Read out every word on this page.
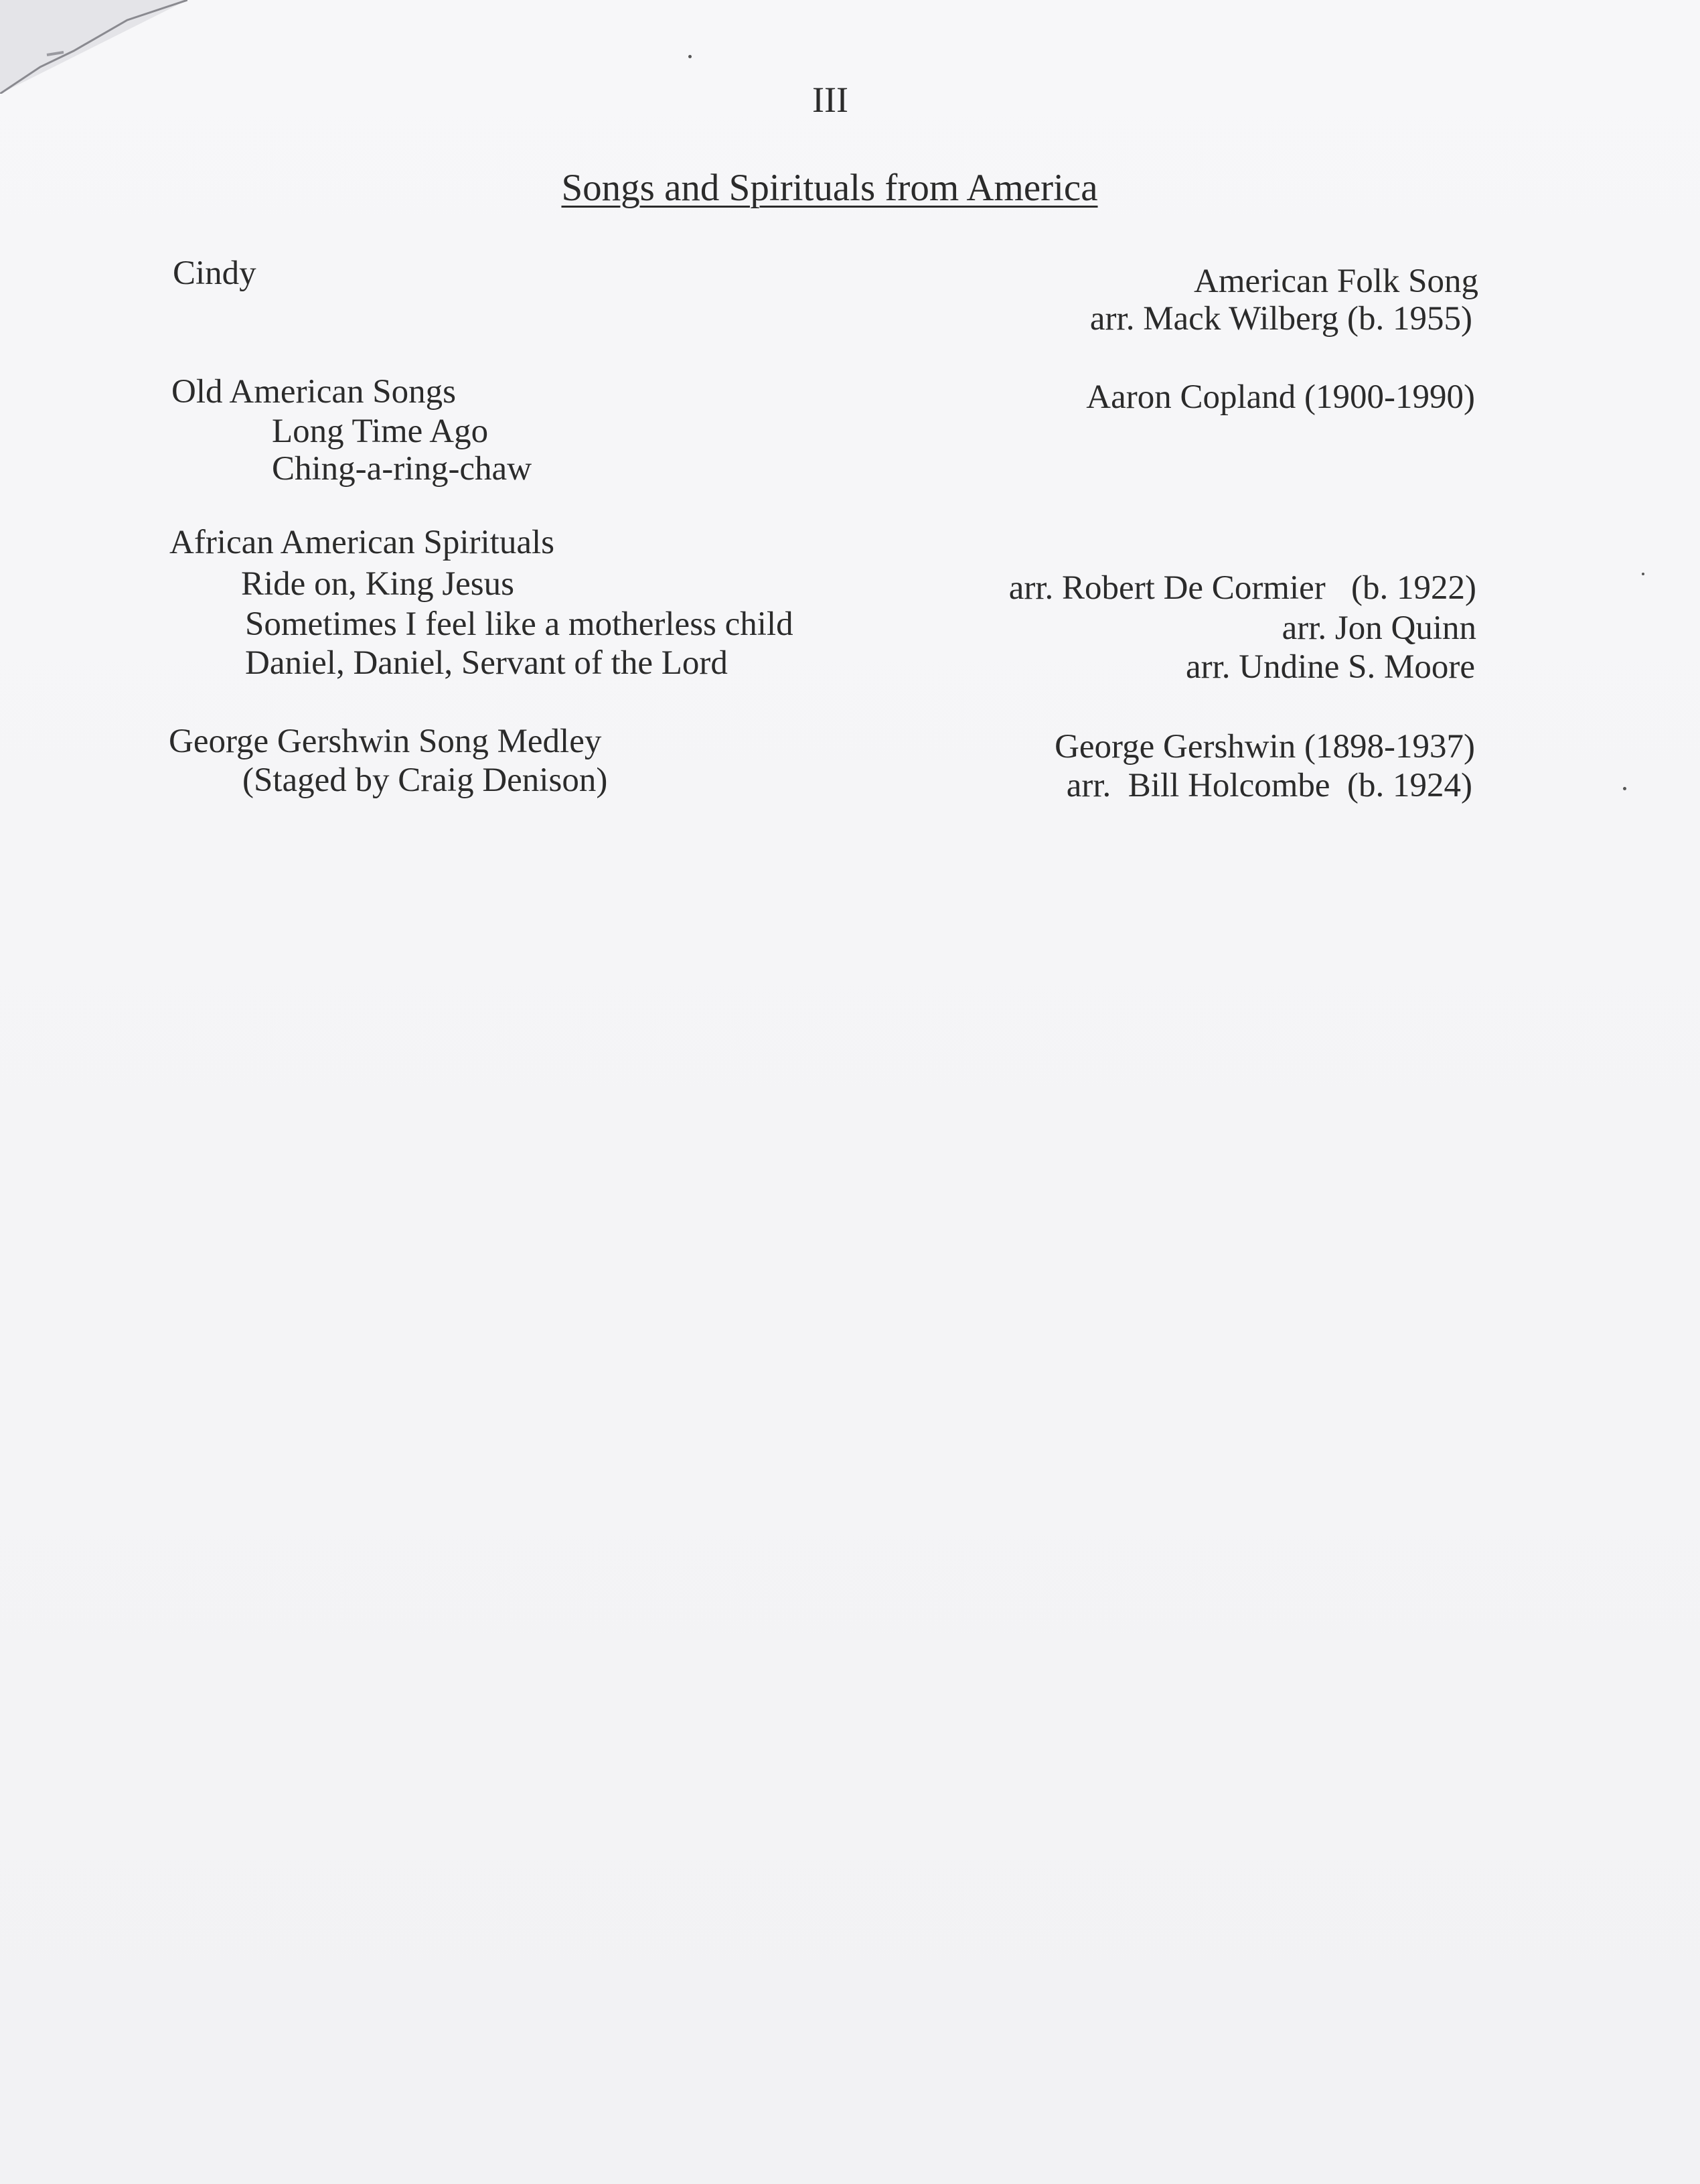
III
Songs and Spirituals from America
Cindy	American Folk Song
arr. Mack Wilberg (b. 1955)
Old American Songs	Aaron Copland (1900-1990)
Long Time Ago
Ching-a-ring-chaw
African American Spirituals
Ride on, King Jesus	arr. Robert De Cormier   (b. 1922)
Sometimes I feel like a motherless child	arr. Jon Quinn
Daniel, Daniel, Servant of the Lord	arr. Undine S. Moore
George Gershwin Song Medley	George Gershwin (1898-1937)
(Staged by Craig Denison)	arr.  Bill Holcombe  (b. 1924)
